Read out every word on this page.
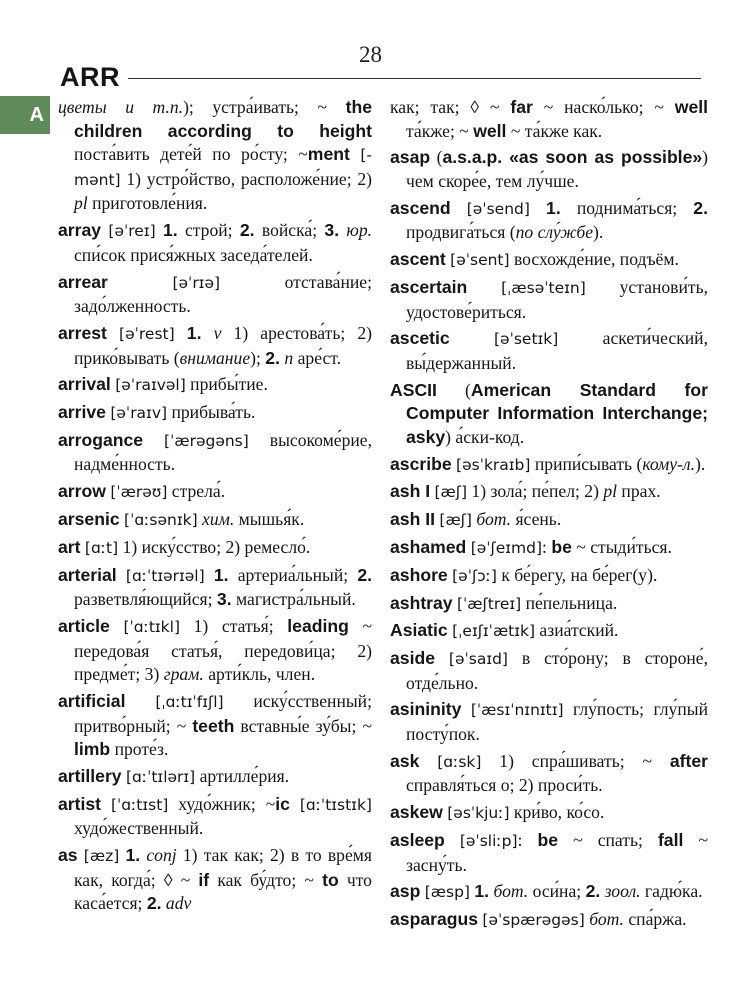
28
ARR
A цветы и т.п.); устра́ивать; ~ the children according to height поста́вить дете́й по ро́сту; ~ment [-mənt] 1) устро́йство, расположе́ние; 2) pl приготовле́ния.

array [əˈreɪ] 1. строй; 2. войска́; 3. юр. спи́сок прися́жных заседа́телей.

arrear	[əˈrɪə] отстава́ние; задо́лженность.

arrest [əˈrest] 1. v 1) арестова́ть; 2) прико́вывать (внимание); 2. n аре́ст.

arrival [əˈraɪvəl] прибы́тие.

arrive [əˈraɪv] прибыва́ть.

arrogance [ˈærəgəns] высокоме́рие, надме́нность.

arrow [ˈærəʊ] стрела́.

arsenic [ˈɑːsənɪk] хим. мышья́к.

art [ɑːt] 1) иску́сство; 2) ремесло́.

arterial [ɑːˈtɪərɪəl] 1. артериа́льный; 2. разветвля́ющийся; 3. магистра́льный.

article [ˈɑːtɪkl] 1) статья́; leading ~ передова́я статья́, передови́ца; 2) предме́т; 3) грам. арти́кль, член.

artificial [ˌɑːtɪˈfɪʃl] иску́сственный; притво́рный; ~ teeth вставны́е зу́бы; ~ limb проте́з.

artillery [ɑːˈtɪlərɪ] артилле́рия.

artist [ˈɑːtɪst] худо́жник; ~ic [ɑːˈtɪstɪk] худо́жественный.

as [æz] 1. conj 1) так как; 2) в то вре́мя как, когда́; ◊ ~ if как бу́дто; ~ to что каса́ется; 2. adv

как; так; ◊ ~ far ~ наско́лько; ~ well та́кже; ~ well ~ та́кже как.

asap (a.s.a.p. «as soon as possible») чем скоре́е, тем лу́чше.

ascend [əˈsend] 1. поднима́ться; 2. продвига́ться (по слу́жбе).

ascent [əˈsent] восхожде́ние, подъём.

ascertain [ˌæsəˈteɪn] установи́ть, удостове́риться.

ascetic	[əˈsetɪk] аскети́ческий, вы́держанный.

ASCII (American Standard for Computer Information Interchange; asky) а́ски-код.

ascribe [əsˈkraɪb] припи́сывать (кому-л.).

ash I [æʃ] 1) зола́; пе́пел; 2) pl прах.

ash II [æʃ] бот. я́сень.

ashamed [əˈʃeɪmd]: be ~ стыди́ться.

ashore [əˈʃɔː] к бе́регу, на бе́рег(у).

ashtray [ˈæʃtreɪ] пе́пельница.

Asiatic [ˌeɪʃɪˈætɪk] азиа́тский.

aside [əˈsaɪd] в сто́рону; в стороне́, отде́льно.

asininity [ˈæsɪˈnɪnɪtɪ] глу́пость; глу́пый посту́пок.

ask [ɑːsk] 1) спра́шивать; ~ after справля́ться о; 2) проси́ть.

askew [əsˈkjuː] кри́во, ко́со.

asleep [əˈsliːp]: be ~ спать; fall ~ засну́ть.

asp [æsp] 1. бот. оси́на; 2. зоол. гадю́ка.

asparagus [əˈspærəgəs] бот. спа́ржа.
